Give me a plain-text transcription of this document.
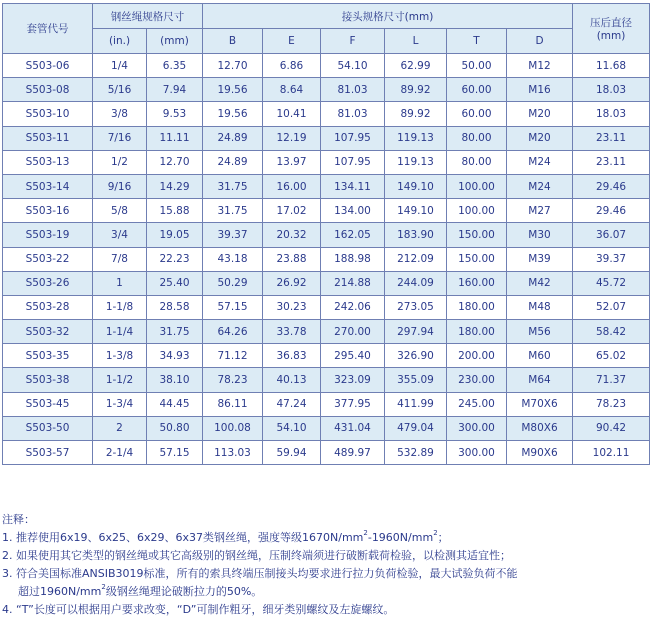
套管代号	钢丝绳规格尺寸		接头规格尺寸(mm)						压后直径
(mm)

	(in.)	(mm)	B	E	F	L	T	D	
S503-06	1/4	6.35	12.70	6.86	54.10	62.99	50.00	M12	11.68
S503-08	5/16	7.94	19.56	8.64	81.03	89.92	60.00	M16	18.03
S503-10	3/8	9.53	19.56	10.41	81.03	89.92	60.00	M20	18.03
S503-11	7/16	11.11	24.89	12.19	107.95	119.13	80.00	M20	23.11
S503-13	1/2	12.70	24.89	13.97	107.95	119.13	80.00	M24	23.11
S503-14	9/16	14.29	31.75	16.00	134.11	149.10	100.00	M24	29.46
S503-16	5/8	15.88	31.75	17.02	134.00	149.10	100.00	M27	29.46
S503-19	3/4	19.05	39.37	20.32	162.05	183.90	150.00	M30	36.07
S503-22	7/8	22.23	43.18	23.88	188.98	212.09	150.00	M39	39.37
S503-26	1	25.40	50.29	26.92	214.88	244.09	160.00	M42	45.72
S503-28	1-1/8	28.58	57.15	30.23	242.06	273.05	180.00	M48	52.07
S503-32	1-1/4	31.75	64.26	33.78	270.00	297.94	180.00	M56	58.42
S503-35	1-3/8	34.93	71.12	36.83	295.40	326.90	200.00	M60	65.02
S503-38	1-1/2	38.10	78.23	40.13	323.09	355.09	230.00	M64	71.37
S503-45	1-3/4	44.45	86.11	47.24	377.95	411.99	245.00	M70X6	78.23
S503-50	2	50.80	100.08	54.10	431.04	479.04	300.00	M80X6	90.42
S503-57	2-1/4	57.15	113.03	59.94	489.97	532.89	300.00	M90X6	102.11
注释：
1. 推荐使用6x19、6x25、6x29、6x37类钢丝绳，强度等级$1670N/mm^2-1960N/mm^2$；
2. 如果使用其它类型的钢丝绳或其它高级别的钢丝绳，压制终端须进行破断载荷检验，以检测其适宜性；
3. 符合美国标准ANSIB3019标准，所有的索具终端压制接头均要求进行拉力负荷检验，最大试验负荷不能
超过$1960N/mm^2$级钢丝绳理论破断拉力的50%。
4. “T”长度可以根据用户要求改变，“D”可制作粗牙，细牙类别螺纹及左旋螺纹。
